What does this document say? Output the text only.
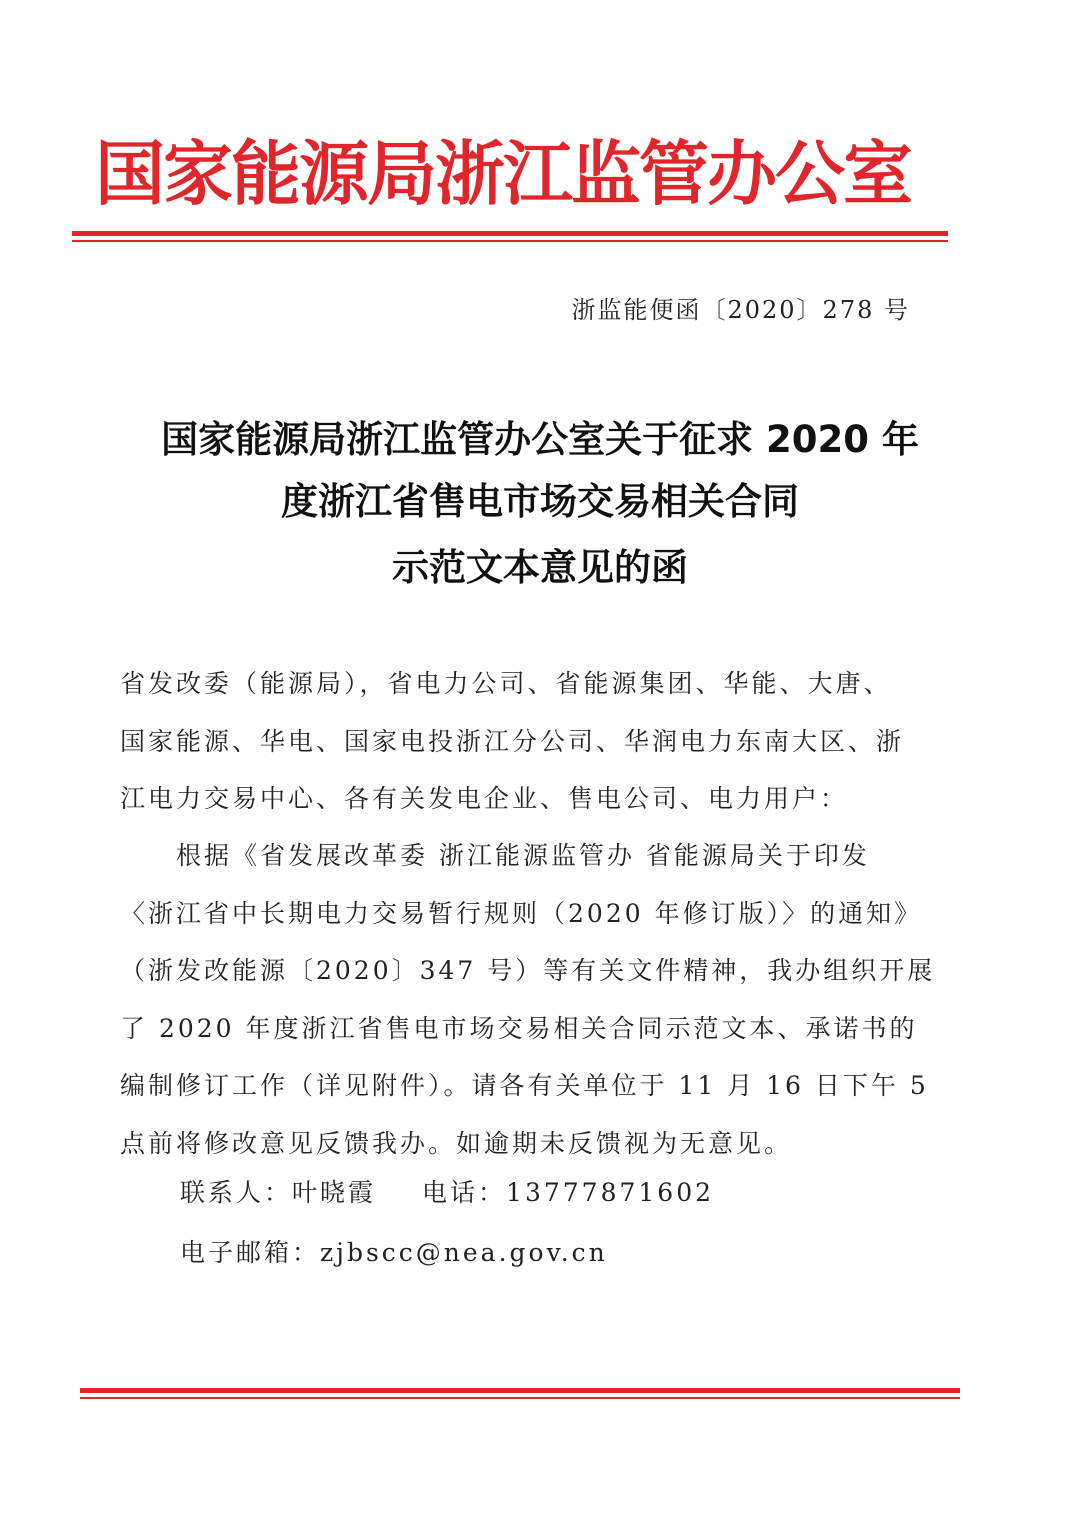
国家能源局浙江监管办公室
浙监能便函〔2020〕278 号
国家能源局浙江监管办公室关于征求 2020 年
度浙江省售电市场交易相关合同
示范文本意见的函
省发改委（能源局），省电力公司、省能源集团、华能、大唐、
国家能源、华电、国家电投浙江分公司、华润电力东南大区、浙
江电力交易中心、各有关发电企业、售电公司、电力用户：
　　根据《省发展改革委 浙江能源监管办 省能源局关于印发
〈浙江省中长期电力交易暂行规则（2020 年修订版）〉的通知》
（浙发改能源〔2020〕347 号）等有关文件精神，我办组织开展
了 2020 年度浙江省售电市场交易相关合同示范文本、承诺书的
编制修订工作（详见附件）。请各有关单位于 11 月 16 日下午 5
点前将修改意见反馈我办。如逾期未反馈视为无意见。
联系人：叶晓霞 电话：13777871602
电子邮箱：zjbscc@nea.gov.cn
